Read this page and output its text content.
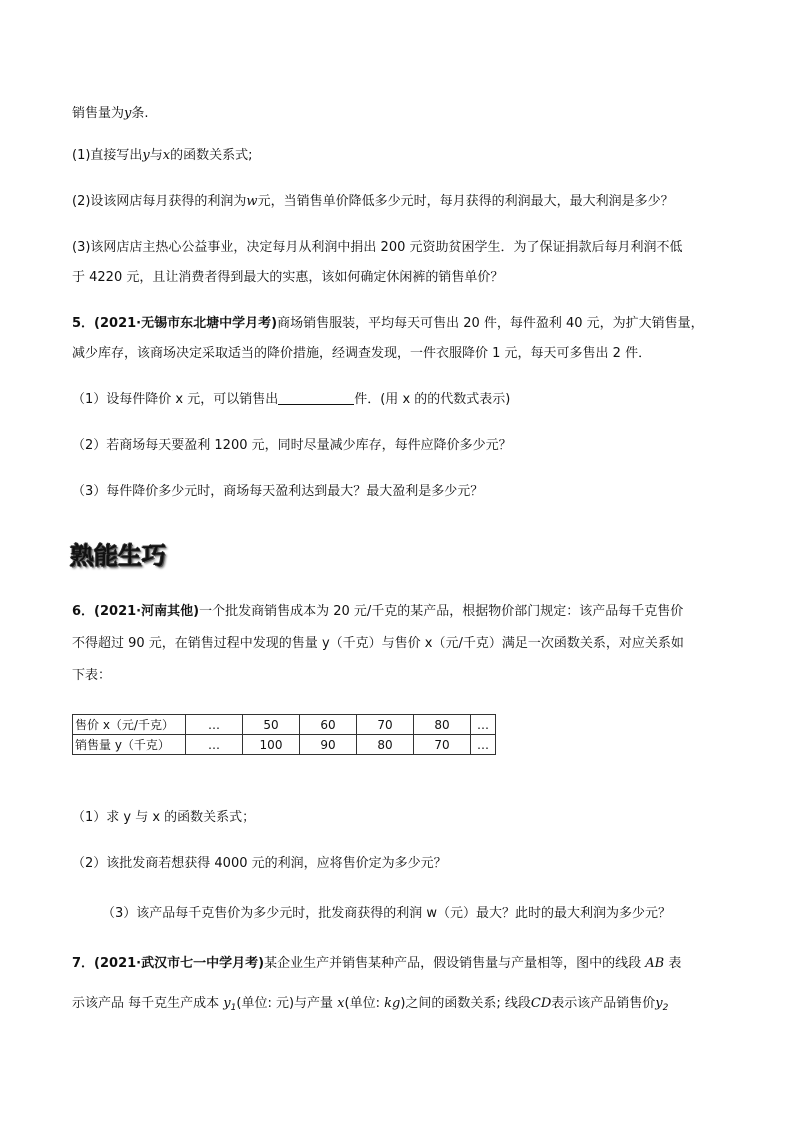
销售量为y条.
(1)直接写出y与x的函数关系式;
(2)设该网店每月获得的利润为w元，当销售单价降低多少元时，每月获得的利润最大，最大利润是多少？
(3)该网店店主热心公益事业，决定每月从利润中捐出 200 元资助贫困学生．为了保证捐款后每月利润不低
于 4220 元，且让消费者得到最大的实惠，该如何确定休闲裤的销售单价？
5．(2021·无锡市东北塘中学月考)商场销售服装，平均每天可售出 20 件，每件盈利 40 元，为扩大销售量，
减少库存，该商场决定采取适当的降价措施，经调查发现，一件衣服降价 1 元，每天可多售出 2 件．
（1）设每件降价 x 元，可以销售出	件．(用 x 的的代数式表示)
（2）若商场每天要盈利 1200 元，同时尽量减少库存，每件应降价多少元？
（3）每件降价多少元时，商场每天盈利达到最大？最大盈利是多少元？
熟能生巧
6．(2021·河南其他)一个批发商销售成本为 20 元/千克的某产品，根据物价部门规定：该产品每千克售价
不得超过 90 元，在销售过程中发现的售量 y（千克）与售价 x（元/千克）满足一次函数关系，对应关系如
下表：
售价 x（元/千克）	…	50	60	70	80	…
销售量 y（千克）	…	100	90	80	70	…
（1）求 y 与 x 的函数关系式；
（2）该批发商若想获得 4000 元的利润，应将售价定为多少元？
（3）该产品每千克售价为多少元时，批发商获得的利润 w（元）最大？此时的最大利润为多少元？
7．(2021·武汉市七一中学月考)某企业生产并销售某种产品，假设销售量与产量相等，图中的线段 AB 表
示该产品 每千克生产成本 $y_1$(单位: 元)与产量 x(单位: kg)之间的函数关系; 线段CD表示该产品销售价$y_2$
